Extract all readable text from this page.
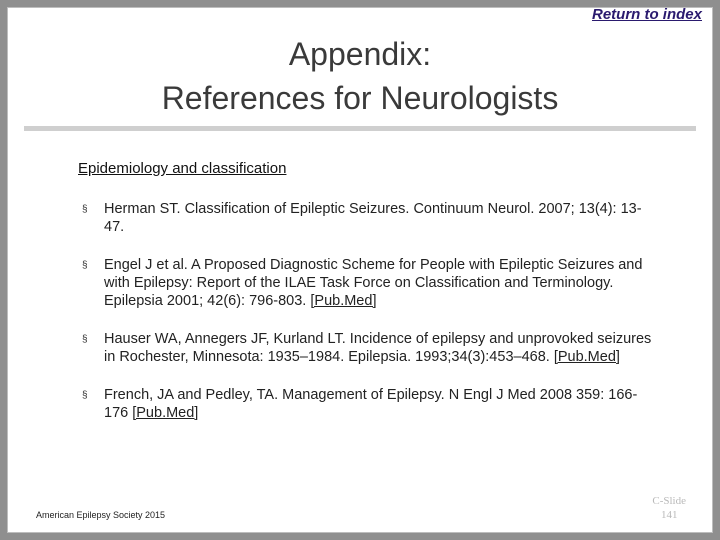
Return to index
Appendix:
References for Neurologists
Epidemiology and classification
§ Herman ST. Classification of Epileptic Seizures. Continuum Neurol. 2007; 13(4): 13-47.
§ Engel J et al. A Proposed Diagnostic Scheme for People with Epileptic Seizures and with Epilepsy: Report of the ILAE Task Force on Classification and Terminology. Epilepsia 2001; 42(6): 796-803. [Pub.Med]
§ Hauser WA, Annegers JF, Kurland LT. Incidence of epilepsy and unprovoked seizures in Rochester, Minnesota: 1935–1984. Epilepsia. 1993;34(3):453–468. [Pub.Med]
§ French, JA and Pedley, TA. Management of Epilepsy. N Engl J Med 2008 359: 166-176 [Pub.Med]
American Epilepsy Society 2015
C-Slide
141
